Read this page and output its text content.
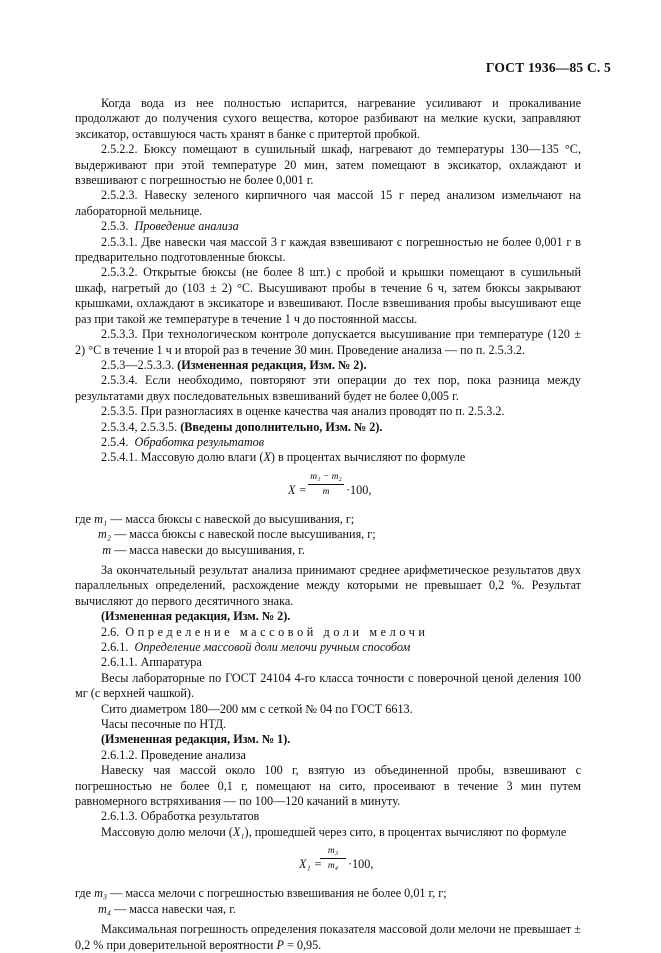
ГОСТ 1936—85 С. 5

Когда вода из нее полностью испарится, нагревание усиливают и прокаливание продолжают до получения сухого вещества, которое разбивают на мелкие куски, заправляют эксикатор, оставшуюся часть хранят в банке с притертой пробкой.

2.5.2.2. Бюксу помещают в сушильный шкаф, нагревают до температуры 130—135 °С, выдерживают при этой температуре 20 мин, затем помещают в эксикатор, охлаждают и взвешивают с погрешностью не более 0,001 г.

2.5.2.3. Навеску зеленого кирпичного чая массой 15 г перед анализом измельчают на лабораторной мельнице.

2.5.3. Проведение анализа

2.5.3.1. Две навески чая массой 3 г каждая взвешивают с погрешностью не более 0,001 г в предварительно подготовленные бюксы.

2.5.3.2. Открытые бюксы (не более 8 шт.) с пробой и крышки помещают в сушильный шкаф, нагретый до (103 ± 2) °С. Высушивают пробы в течение 6 ч, затем бюксы закрывают крышками, охлаждают в эксикаторе и взвешивают. После взвешивания пробы высушивают еще раз при такой же температуре в течение 1 ч до постоянной массы.

2.5.3.3. При технологическом контроле допускается высушивание при температуре (120 ± 2) °С в течение 1 ч и второй раз в течение 30 мин. Проведение анализа — по п. 2.5.3.2.

2.5.3—2.5.3.3. (Измененная редакция, Изм. № 2).

2.5.3.4. Если необходимо, повторяют эти операции до тех пор, пока разница между результатами двух последовательных взвешиваний будет не более 0,005 г.

2.5.3.5. При разногласиях в оценке качества чая анализ проводят по п. 2.5.3.2.

2.5.3.4, 2.5.3.5. (Введены дополнительно, Изм. № 2).

2.5.4. Обработка результатов

2.5.4.1. Массовую долю влаги (X) в процентах вычисляют по формуле

X =
m₁ − m₂
m	·100,
где m₁ — масса бюксы с навеской до высушивания, г;
m₂ — масса бюксы с навеской после высушивания, г;
m — масса навески до высушивания, г.

За окончательный результат анализа принимают среднее арифметическое результатов двух параллельных определений, расхождение между которыми не превышает 0,2 %. Результат вычисляют до первого десятичного знака.

(Измененная редакция, Изм. № 2).

2.6. Определение массовой доли мелочи

2.6.1. Определение массовой доли мелочи ручным способом

2.6.1.1. Аппаратура

Весы лабораторные по ГОСТ 24104 4-го класса точности с поверочной ценой деления 100 мг (с верхней чашкой).

Сито диаметром 180—200 мм с сеткой № 04 по ГОСТ 6613.

Часы песочные по НТД.

(Измененная редакция, Изм. № 1).

2.6.1.2. Проведение анализа

Навеску чая массой около 100 г, взятую из объединенной пробы, взвешивают с погрешностью не более 0,1 г, помещают на сито, просеивают в течение 3 мин путем равномерного встряхивания — по 100—120 качаний в минуту.

2.6.1.3. Обработка результатов

Массовую долю мелочи (X₁), прошедшей через сито, в процентах вычисляют по формуле

X₁ =
m₃
m₄ ·100,
где m₃ — масса мелочи с погрешностью взвешивания не более 0,01 г, г;
m₄ — масса навески чая, г.

Максимальная погрешность определения показателя массовой доли мелочи не превышает ± 0,2 % при доверительной вероятности P = 0,95.
